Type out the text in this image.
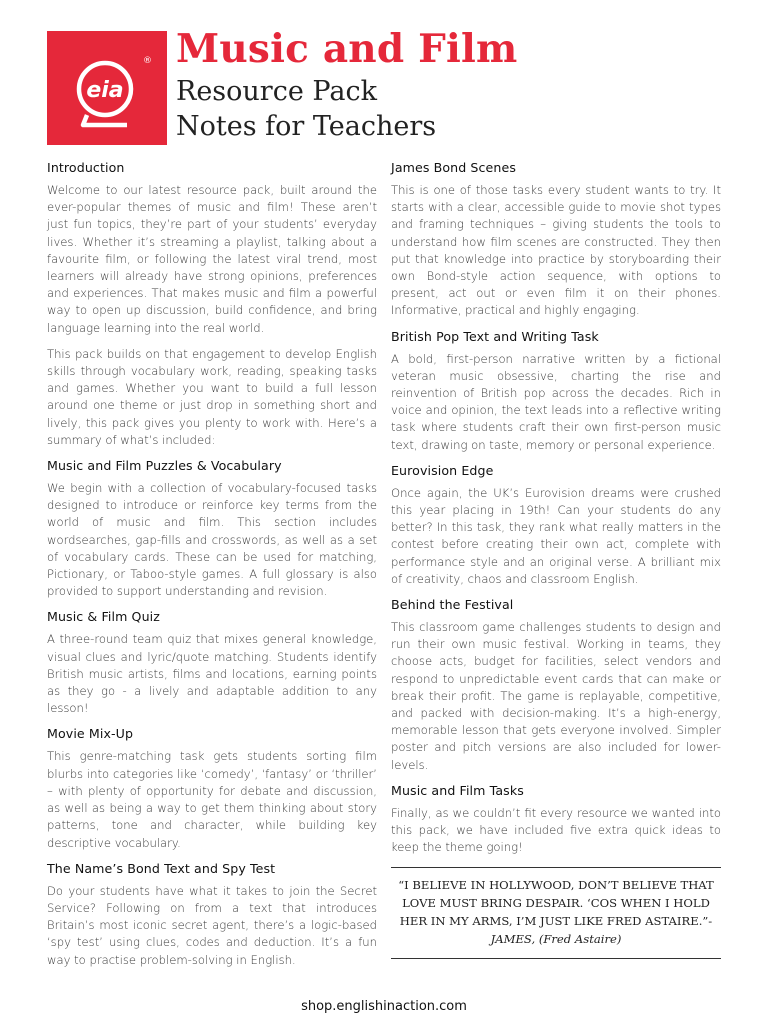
eia
® Music and Film
Resource Pack
Notes for Teachers
Introduction

Welcome to our latest resource pack, built around the ever-popular themes of music and film! These aren’t just fun topics, they’re part of your students’ everyday lives. Whether it’s streaming a playlist, talking about a favourite film, or following the latest viral trend, most learners will already have strong opinions, preferences and experiences. That makes music and film a powerful way to open up discussion, build confidence, and bring language learning into the real world.

This pack builds on that engagement to develop English skills through vocabulary work, reading, speaking tasks and games. Whether you want to build a full lesson around one theme or just drop in something short and lively, this pack gives you plenty to work with. Here’s a summary of what’s included:

Music and Film Puzzles & Vocabulary

We begin with a collection of vocabulary-focused tasks designed to introduce or reinforce key terms from the world of music and film. This section includes wordsearches, gap-fills and crosswords, as well as a set of vocabulary cards. These can be used for matching, Pictionary, or Taboo-style games. A full glossary is also provided to support understanding and revision.

Music & Film Quiz

A three-round team quiz that mixes general knowledge, visual clues and lyric/quote matching. Students identify British music artists, films and locations, earning points as they go - a lively and adaptable addition to any lesson!

Movie Mix-Up

This genre-matching task gets students sorting film blurbs into categories like ‘comedy’, ‘fantasy’ or ‘thriller’ – with plenty of opportunity for debate and discussion, as well as being a way to get them thinking about story patterns, tone and character, while building key descriptive vocabulary.

The Name’s Bond Text and Spy Test

Do your students have what it takes to join the Secret Service? Following on from a text that introduces Britain’s most iconic secret agent, there’s a logic-based ‘spy test’ using clues, codes and deduction. It’s a fun way to practise problem-solving in English.

James Bond Scenes

This is one of those tasks every student wants to try. It starts with a clear, accessible guide to movie shot types and framing techniques – giving students the tools to understand how film scenes are constructed. They then put that knowledge into practice by storyboarding their own Bond-style action sequence, with options to present, act out or even film it on their phones. Informative, practical and highly engaging.

British Pop Text and Writing Task

A bold, first-person narrative written by a fictional veteran music obsessive, charting the rise and reinvention of British pop across the decades. Rich in voice and opinion, the text leads into a reflective writing task where students craft their own first-person music text, drawing on taste, memory or personal experience.

Eurovision Edge

Once again, the UK’s Eurovision dreams were crushed this year placing in 19th! Can your students do any better? In this task, they rank what really matters in the contest before creating their own act, complete with performance style and an original verse. A brilliant mix of creativity, chaos and classroom English.

Behind the Festival

This classroom game challenges students to design and run their own music festival. Working in teams, they choose acts, budget for facilities, select vendors and respond to unpredictable event cards that can make or break their profit. The game is replayable, competitive, and packed with decision-making. It’s a high-energy, memorable lesson that gets everyone involved. Simpler poster and pitch versions are also included for lower-levels.

Music and Film Tasks

Finally, as we couldn’t fit every resource we wanted into this pack, we have included five extra quick ideas to keep the theme going!

“I BELIEVE IN HOLLYWOOD, DON’T BELIEVE THAT LOVE MUST BRING DESPAIR. ‘COS WHEN I HOLD HER IN MY ARMS, I’M JUST LIKE FRED ASTAIRE.”-
JAMES, (Fred Astaire)
shop.englishinaction.com
